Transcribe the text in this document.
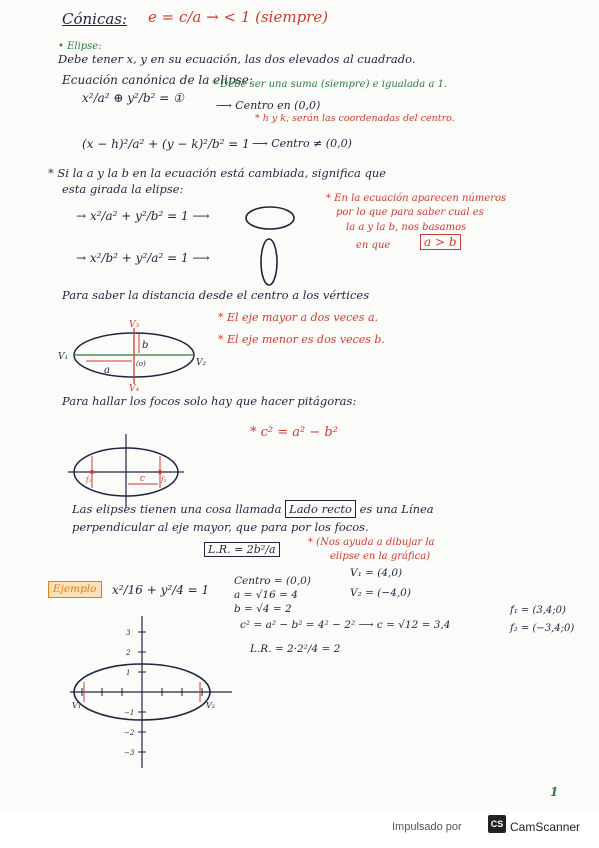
Cónicas: e = c/a → < 1 (siempre)
• Elipse:
Debe tener x, y en su ecuación, las dos elevados al cuadrado.
Ecuación canónica de la elipse:
x²/a² ⊕ y²/b² = ①
* Debe ser una suma (siempre) e igualada a 1.
⟶ Centro en (0,0)
* h y k, serán las coordenadas del centro.
(x − h)²/a² + (y − k)²/b² = 1 ⟶ Centro ≠ (0,0)
* Si la a y la b en la ecuación está cambiada, significa que
esta girada la elipse:
→ x²/a² + y²/b² = 1 ⟶
→ x²/b² + y²/a² = 1 ⟶
* En la ecuación aparecen números
por lo que para saber cual es
la a y la b, nos basamos
en que	a > b
Para saber la distancia desde el centro a los vértices
* El eje mayor a dos veces a.
* El eje menor es dos veces b.
Para hallar los focos solo hay que hacer pitágoras:
* c² = a² − b²
Las elipses tienen una cosa llamada Lado recto es una Línea
perpendicular al eje mayor, que para por los focos.
L.R. = 2b²/a
* (Nos ayuda a dibujar la
elipse en la gráfica)
Ejemplo	x²/16 + y²/4 = 1
Centro = (0,0)
a = √16 = 4
b = √4 = 2
V₁ = (4,0)
V₂ = (−4,0)
c² = a² − b² = 4² − 2² ⟶ c = √12 = 3,4
f₁ = (3,4;0)
f₂ = (−3,4;0)
L.R. = 2·2²/4 = 2
1
V₃
V₄
V₁
V₂
a
b
(o)
f₁	f₂
c
3
2
1
−1
−2
−3
V₁	V₂
Impulsado por	CamScanner
CS
